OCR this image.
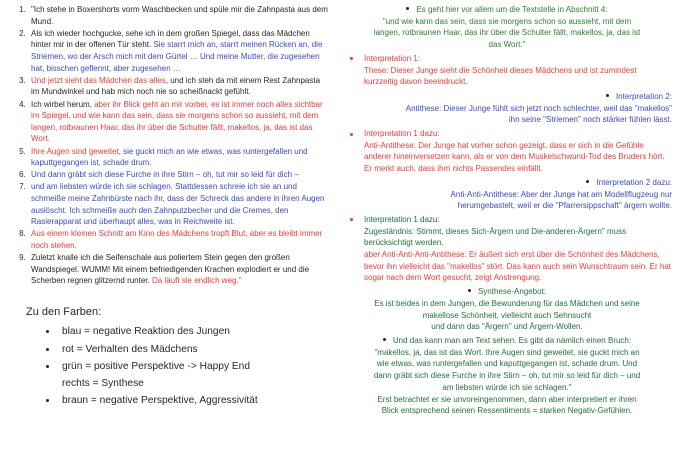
1. "Ich stehe in Boxershorts vorm Waschbecken und spüle mir die Zahnpasta aus dem Mund.
2. Als ich wieder hochgucke, sehe ich in dem großen Spiegel, dass das Mädchen hinter mir in der offenen Tür steht. Sie starrt mich an, starrt meinen Rücken an, die Striemen, wo der Arsch mich mit dem Gürtel … Und meine Mutter, die zugesehen hat, bisschen geflennt, aber zugesehen …
3. Und jetzt sieht das Mädchen das alles, und ich steh da mit einem Rest Zahnpasta im Mundwinkel und hab mich noch nie so scheißnackt gefühlt.
4. Ich wirbel herum, aber ihr Blick geht an mir vorbei, es ist immer noch alles sichtbar im Spiegel, und wie kann das sein, dass sie morgens schon so aussieht, mit dem langen, rotbraunen Haar, das ihr über die Schulter fällt, makellos, ja, das ist das Wort.
5. Ihre Augen sind geweitet, sie guckt mich an wie etwas, was runtergefallen und kaputtgegangen ist, schade drum.
6. Und dann gräbt sich diese Furche in ihre Stirn – oh, tut mir so leid für dich –
7. und am liebsten würde ich sie schlagen. Stattdessen schreie ich sie an und schmeiße meine Zahnbürste nach ihr, dass der Schreck das andere in ihren Augen auslöscht. Ich schmeiße auch den Zahnputzbecher und die Cremes, den Rasierapparat und überhaupt alles, was in Reichweite ist.
8. Aus einem kleinen Schnitt am Kinn des Mädchens tropft Blut, aber es bleibt immer noch stehen.
9. Zuletzt knalle ich die Seifenschale aus poliertem Stein gegen den großen Wandspiegel. WUMM! Mit einem befriedigenden Krachen explodiert er und die Scherben regnen glitzernd runter. Da läuft sie endlich weg."
Zu den Farben:
• blau = negative Reaktion des Jungen
• rot = Verhalten des Mädchens
• grün = positive Perspektive -> Happy End
rechts = Synthese
• braun = negative Perspektive, Aggressivität
Es geht hier vor allem um die Textstelle in Abschnitt 4:
"und wie kann das sein, dass sie morgens schon so aussieht, mit dem
langen, rotbraunen Haar, das ihr über die Schulter fällt, makellos, ja, das ist
das Wort."
Interpretation 1:
These: Dieser Junge sieht die Schönheit dieses Mädchens und ist zumindest kurzzeitig davon beeindruckt.
Interpretation 2:
Antithese: Dieser Junge fühlt sich jetzt noch schlechter, weil das "makellos"
ihn seine "Striemen" noch stärker fühlen lässt.
Interpretation 1 dazu:
Anti-Antithese: Der Junge hat vorher schon gezeigt, dass er sich in die Gefühle anderer hineinversetzen kann, als er von dem Muskelschwund-Tod des Bruders hört. Er merkt auch, dass ihm nichts Passendes einfällt.
Interpretation 2 dazu:
Anti-Anti-Antithese: Aber der Junge hat am Modellflugzeug nur
herumgebastelt, weil er die "Pfarrersippschaft" ärgern wollte.
Interpretation 1 dazu:
Zugeständnis: Stimmt, dieses Sich-Ärgern und Die-anderen-Ärgern" muss berücksichtigt werden.
aber Anti-Anti-Anti-Antithese: Er äußert sich erst über die Schönheit des Mädchens, bevor ihn vielleicht das "makellos" stört. Das kann auch sein Wunschtraum sein. Er hat sogar nach dem Wort gesucht, zeigt Anstrengung.
Synthese-Angebot:
Es ist beides in dem Jungen, die Bewunderung für das Mädchen und seine
makellose Schönheit, vielleicht auch Sehnsucht
und dann das "Ärgern" und Ärgern-Wollen.
Und das kann man am Text sehen. Es gibt da nämlich einen Bruch:
"makellos, ja, das ist das Wort. Ihre Augen sind geweitet, sie guckt mich an
wie etwas, was runtergefallen und kaputtgegangen ist, schade drum. Und
dann gräbt sich diese Furche in ihre Stirn – oh, tut mir so leid für dich – und
am liebsten würde ich sie schlagen."
Erst betrachtet er sie unvoreingenommen, dann aber interpretiert er ihren
Blick entsprechend seinen Ressentiments = starken Negativ-Gefühlen.
